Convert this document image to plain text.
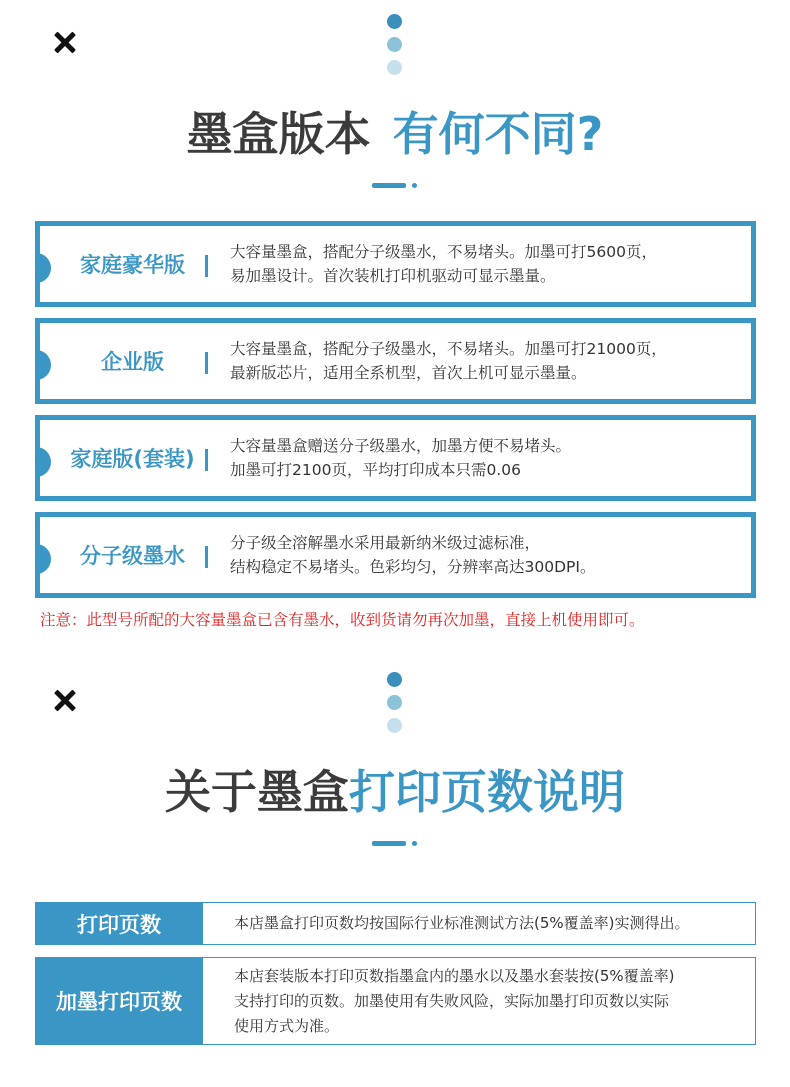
墨盒版本 有何不同?
家庭豪华版
大容量墨盒，搭配分子级墨水，不易堵头。加墨可打5600页，
易加墨设计。首次装机打印机驱动可显示墨量。
企业版
大容量墨盒，搭配分子级墨水，不易堵头。加墨可打21000页，
最新版芯片，适用全系机型，首次上机可显示墨量。
家庭版(套装)
大容量墨盒赠送分子级墨水，加墨方便不易堵头。
加墨可打2100页，平均打印成本只需0.06
分子级墨水
分子级全溶解墨水采用最新纳米级过滤标准，
结构稳定不易堵头。色彩均匀，分辨率高达300DPI。
注意：此型号所配的大容量墨盒已含有墨水，收到货请勿再次加墨，直接上机使用即可。
关于墨盒打印页数说明
打印页数	本店墨盒打印页数均按国际行业标准测试方法(5%覆盖率)实测得出。
加墨打印页数
本店套装版本打印页数指墨盒内的墨水以及墨水套装按(5%覆盖率)
支持打印的页数。加墨使用有失败风险，实际加墨打印页数以实际
使用方式为准。
